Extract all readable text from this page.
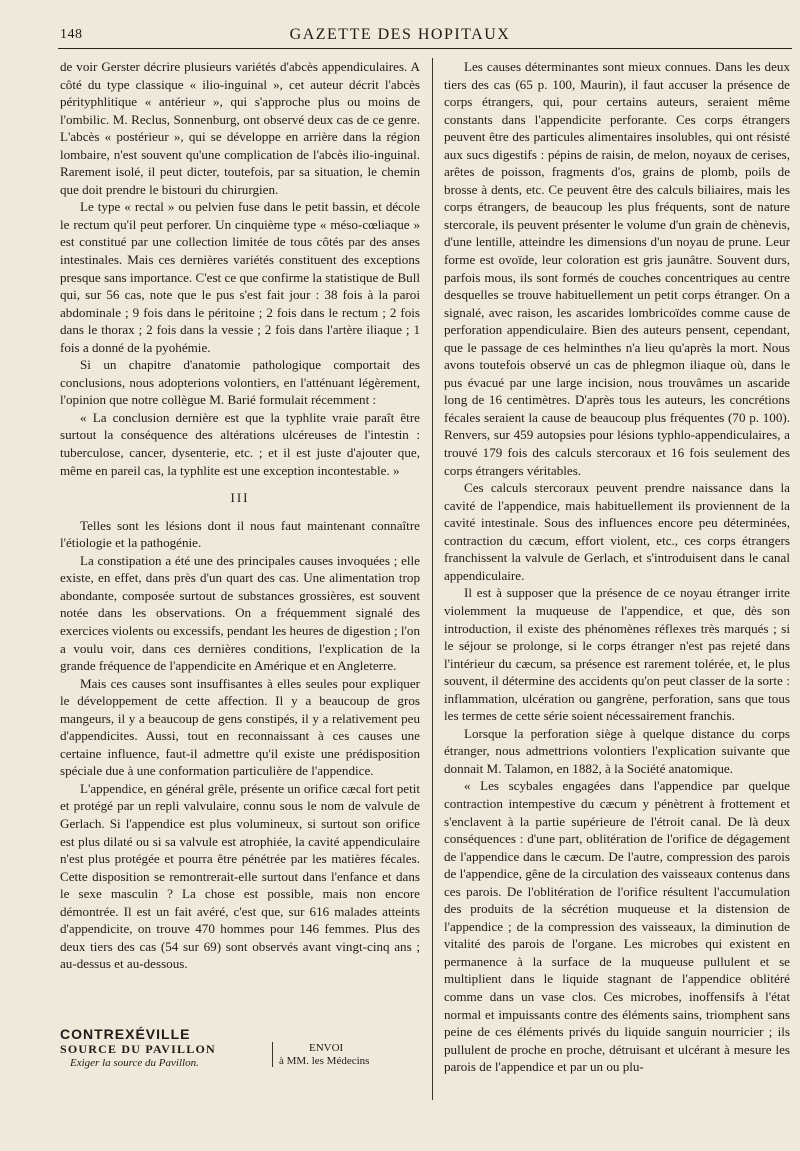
148	GAZETTE DES HOPITAUX

de voir Gerster décrire plusieurs variétés d'abcès appendiculaires. A côté du type classique « ilio-inguinal », cet auteur décrit l'abcès pérityphlitique « antérieur », qui s'approche plus ou moins de l'ombilic. M. Reclus, Sonnenburg, ont observé deux cas de ce genre. L'abcès « postérieur », qui se développe en arrière dans la région lombaire, n'est souvent qu'une complication de l'abcès ilio-inguinal. Rarement isolé, il peut dicter, toutefois, par sa situation, le chemin que doit prendre le bistouri du chirurgien.

Le type « rectal » ou pelvien fuse dans le petit bassin, et décole le rectum qu'il peut perforer. Un cinquième type « méso-cœliaque » est constitué par une collection limitée de tous côtés par des anses intestinales. Mais ces dernières variétés constituent des exceptions presque sans importance. C'est ce que confirme la statistique de Bull qui, sur 56 cas, note que le pus s'est fait jour : 38 fois à la paroi abdominale ; 9 fois dans le péritoine ; 2 fois dans le rectum ; 2 fois dans le thorax ; 2 fois dans la vessie ; 2 fois dans l'artère iliaque ; 1 fois a donné de la pyohémie.

Si un chapitre d'anatomie pathologique comportait des conclusions, nous adopterions volontiers, en l'atténuant légèrement, l'opinion que notre collègue M. Barié formulait récemment :

« La conclusion dernière est que la typhlite vraie paraît être surtout la conséquence des altérations ulcéreuses de l'intestin : tuberculose, cancer, dysenterie, etc. ; et il est juste d'ajouter que, même en pareil cas, la typhlite est une exception incontestable. »

III

Telles sont les lésions dont il nous faut maintenant connaître l'étiologie et la pathogénie.

La constipation a été une des principales causes invoquées ; elle existe, en effet, dans près d'un quart des cas. Une alimentation trop abondante, composée surtout de substances grossières, est souvent notée dans les observations. On a fréquemment signalé des exercices violents ou excessifs, pendant les heures de digestion ; l'on a voulu voir, dans ces dernières conditions, l'explication de la grande fréquence de l'appendicite en Amérique et en Angleterre.

Mais ces causes sont insuffisantes à elles seules pour expliquer le développement de cette affection. Il y a beaucoup de gros mangeurs, il y a beaucoup de gens constipés, il y a relativement peu d'appendicites. Aussi, tout en reconnaissant à ces causes une certaine influence, faut-il admettre qu'il existe une prédisposition spéciale due à une conformation particulière de l'appendice.

L'appendice, en général grêle, présente un orifice cæcal fort petit et protégé par un repli valvulaire, connu sous le nom de valvule de Gerlach. Si l'appendice est plus volumineux, si surtout son orifice est plus dilaté ou si sa valvule est atrophiée, la cavité appendiculaire n'est plus protégée et pourra être pénétrée par les matières fécales. Cette disposition se remontrerait-elle surtout dans l'enfance et dans le sexe masculin ? La chose est possible, mais non encore démontrée. Il est un fait avéré, c'est que, sur 616 malades atteints d'appendicite, on trouve 470 hommes pour 146 femmes. Plus des deux tiers des cas (54 sur 69) sont observés avant vingt-cinq ans ; au-dessus et au-dessous.

Les causes déterminantes sont mieux connues. Dans les deux tiers des cas (65 p. 100, Maurin), il faut accuser la présence de corps étrangers, qui, pour certains auteurs, seraient même constants dans l'appendicite perforante. Ces corps étrangers peuvent être des particules alimentaires insolubles, qui ont résisté aux sucs digestifs : pépins de raisin, de melon, noyaux de cerises, arêtes de poisson, fragments d'os, grains de plomb, poils de brosse à dents, etc. Ce peuvent être des calculs biliaires, mais les corps étrangers, de beaucoup les plus fréquents, sont de nature stercorale, ils peuvent présenter le volume d'un grain de chènevis, d'une lentille, atteindre les dimensions d'un noyau de prune. Leur forme est ovoïde, leur coloration est gris jaunâtre. Souvent durs, parfois mous, ils sont formés de couches concentriques au centre desquelles se trouve habituellement un petit corps étranger. On a signalé, avec raison, les ascarides lombricoïdes comme cause de perforation appendiculaire. Bien des auteurs pensent, cependant, que le passage de ces helminthes n'a lieu qu'après la mort. Nous avons toutefois observé un cas de phlegmon iliaque où, dans le pus évacué par une large incision, nous trouvâmes un ascaride long de 16 centimètres. D'après tous les auteurs, les concrétions fécales seraient la cause de beaucoup plus fréquentes (70 p. 100). Renvers, sur 459 autopsies pour lésions typhlo-appendiculaires, a trouvé 179 fois des calculs stercoraux et 16 fois seulement des corps étrangers véritables.

Ces calculs stercoraux peuvent prendre naissance dans la cavité de l'appendice, mais habituellement ils proviennent de la cavité intestinale. Sous des influences encore peu déterminées, contraction du cæcum, effort violent, etc., ces corps étrangers franchissent la valvule de Gerlach, et s'introduisent dans le canal appendiculaire.

Il est à supposer que la présence de ce noyau étranger irrite violemment la muqueuse de l'appendice, et que, dès son introduction, il existe des phénomènes réflexes très marqués ; si le séjour se prolonge, si le corps étranger n'est pas rejeté dans l'intérieur du cæcum, sa présence est rarement tolérée, et, le plus souvent, il détermine des accidents qu'on peut classer de la sorte : inflammation, ulcération ou gangrène, perforation, sans que tous les termes de cette série soient nécessairement franchis.

Lorsque la perforation siège à quelque distance du corps étranger, nous admettrions volontiers l'explication suivante que donnait M. Talamon, en 1882, à la Société anatomique.

« Les scybales engagées dans l'appendice par quelque contraction intempestive du cæcum y pénètrent à frottement et s'enclavent à la partie supérieure de l'étroit canal. De là deux conséquences : d'une part, oblitération de l'orifice de dégagement de l'appendice dans le cæcum. De l'autre, compression des parois de l'appendice, gêne de la circulation des vaisseaux contenus dans ces parois. De l'oblitération de l'orifice résultent l'accumulation des produits de la sécrétion muqueuse et la distension de l'appendice ; de la compression des vaisseaux, la diminution de vitalité des parois de l'organe. Les microbes qui existent en permanence à la surface de la muqueuse pullulent et se multiplient dans le liquide stagnant de l'appendice oblitéré comme dans un vase clos. Ces microbes, inoffensifs à l'état normal et impuissants contre des éléments sains, triomphent sans peine de ces éléments privés du liquide sanguin nourricier ; ils pullulent de proche en proche, détruisant et ulcérant à mesure les parois de l'appendice et par un ou plu-

CONTREXÉVILLE
SOURCE DU PAVILLON
Exiger la source du Pavillon.
ENVOI
à MM. les Médecins
